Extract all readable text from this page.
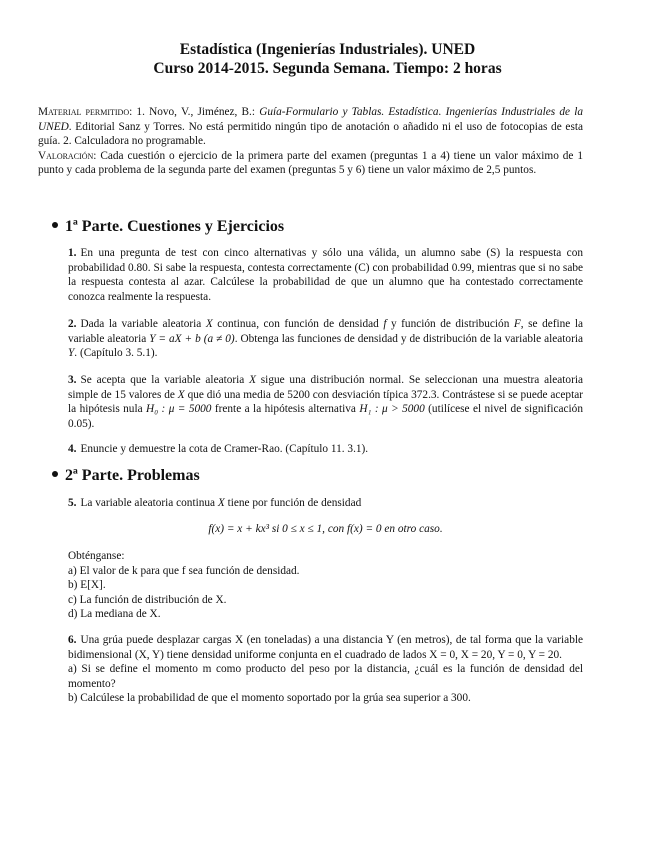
Estadística (Ingenierías Industriales). UNED
Curso 2014-2015. Segunda Semana. Tiempo: 2 horas
Material permitido: 1. Novo, V., Jiménez, B.: Guía-Formulario y Tablas. Estadística. Ingenierías Industriales de la UNED. Editorial Sanz y Torres. No está permitido ningún tipo de anotación o añadido ni el uso de fotocopias de esta guía. 2. Calculadora no programable.
Valoración: Cada cuestión o ejercicio de la primera parte del examen (preguntas 1 a 4) tiene un valor máximo de 1 punto y cada problema de la segunda parte del examen (preguntas 5 y 6) tiene un valor máximo de 2,5 puntos.
1ª Parte. Cuestiones y Ejercicios
1. En una pregunta de test con cinco alternativas y sólo una válida, un alumno sabe (S) la respuesta con probabilidad 0.80. Si sabe la respuesta, contesta correctamente (C) con probabilidad 0.99, mientras que si no sabe la respuesta contesta al azar. Calcúlese la probabilidad de que un alumno que ha contestado correctamente conozca realmente la respuesta.
2. Dada la variable aleatoria X continua, con función de densidad f y función de distribución F, se define la variable aleatoria Y = aX + b (a ≠ 0). Obtenga las funciones de densidad y de distribución de la variable aleatoria Y. (Capítulo 3. 5.1).
3. Se acepta que la variable aleatoria X sigue una distribución normal. Se seleccionan una muestra aleatoria simple de 15 valores de X que dió una media de 5200 con desviación típica 372.3. Contrástese si se puede aceptar la hipótesis nula H₀ : μ = 5000 frente a la hipótesis alternativa H₁ : μ > 5000 (utilícese el nivel de significación 0.05).
4. Enuncie y demuestre la cota de Cramer-Rao. (Capítulo 11. 3.1).
2ª Parte. Problemas
5. La variable aleatoria continua X tiene por función de densidad
f(x) = x + kx³ si 0 ≤ x ≤ 1, con f(x) = 0 en otro caso.
Obténganse:
a) El valor de k para que f sea función de densidad.
b) E[X].
c) La función de distribución de X.
d) La mediana de X.
6. Una grúa puede desplazar cargas X (en toneladas) a una distancia Y (en metros), de tal forma que la variable bidimensional (X, Y) tiene densidad uniforme conjunta en el cuadrado de lados X = 0, X = 20, Y = 0, Y = 20.
a) Si se define el momento m como producto del peso por la distancia, ¿cuál es la función de densidad del momento?
b) Calcúlese la probabilidad de que el momento soportado por la grúa sea superior a 300.
